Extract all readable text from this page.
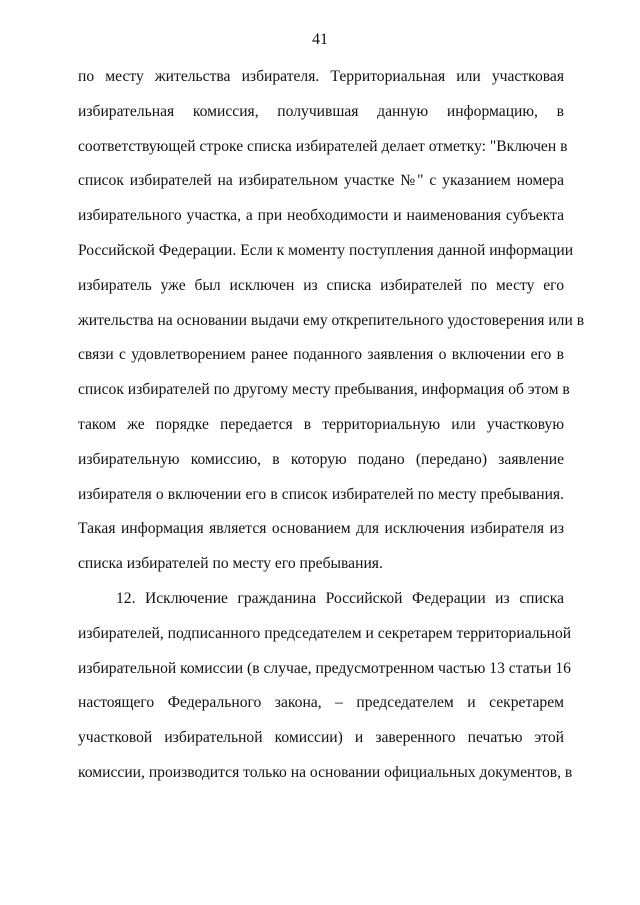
41
по месту жительства избирателя. Территориальная или участковая
избирательная комиссия, получившая данную информацию, в
соответствующей строке списка избирателей делает отметку: "Включен в
список избирателей на избирательном участке №" с указанием номера
избирательного участка, а при необходимости и наименования субъекта
Российской Федерации. Если к моменту поступления данной информации
избиратель уже был исключен из списка избирателей по месту его
жительства на основании выдачи ему открепительного удостоверения или в
связи с удовлетворением ранее поданного заявления о включении его в
список избирателей по другому месту пребывания, информация об этом в
таком же порядке передается в территориальную или участковую
избирательную комиссию, в которую подано (передано) заявление
избирателя о включении его в список избирателей по месту пребывания.
Такая информация является основанием для исключения избирателя из
списка избирателей по месту его пребывания.
12. Исключение гражданина Российской Федерации из списка
избирателей, подписанного председателем и секретарем территориальной
избирательной комиссии (в случае, предусмотренном частью 13 статьи 16
настоящего Федерального закона, – председателем и секретарем
участковой избирательной комиссии) и заверенного печатью этой
комиссии, производится только на основании официальных документов, в
